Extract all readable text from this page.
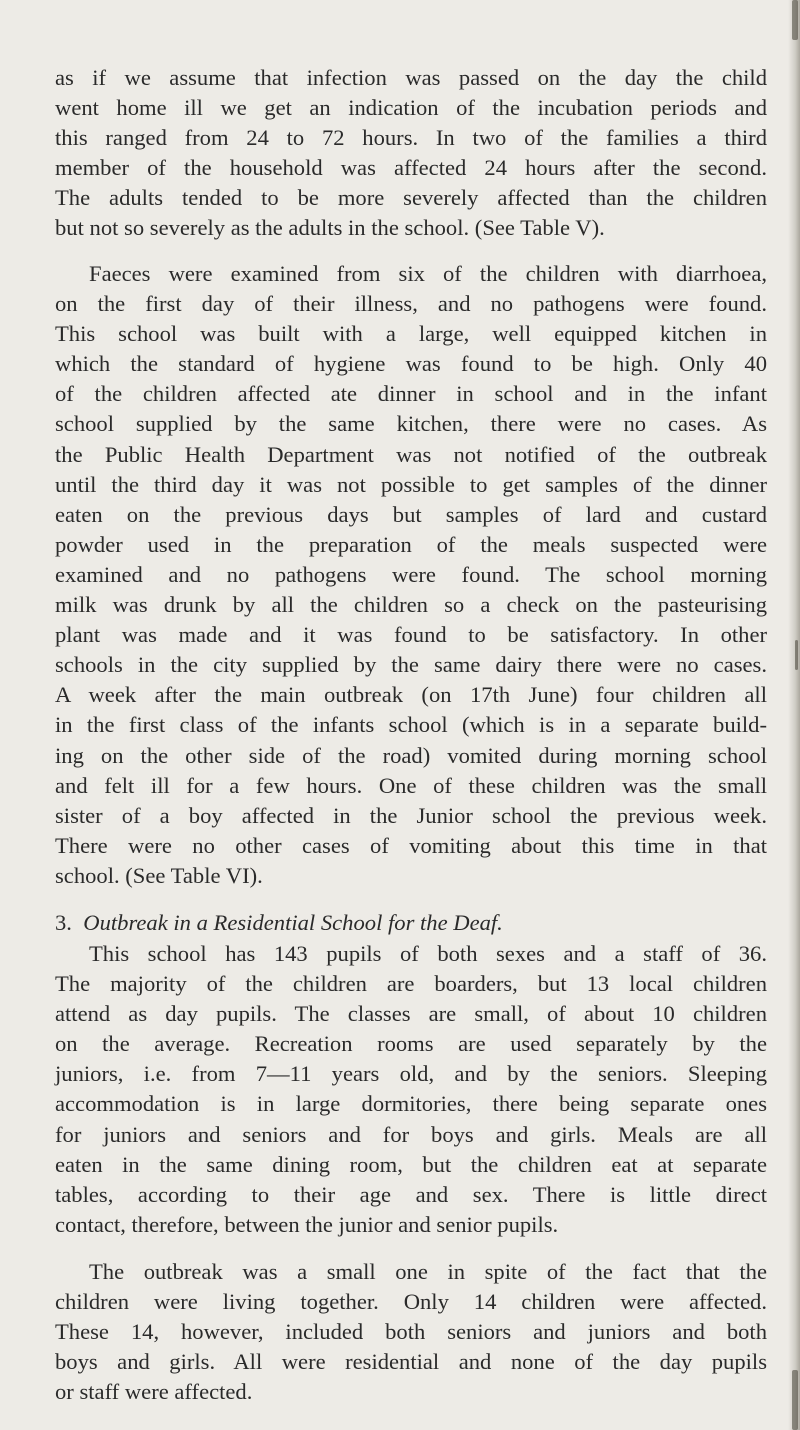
as if we assume that infection was passed on the day the child
went home ill we get an indication of the incubation periods and
this ranged from 24 to 72 hours. In two of the families a third
member of the household was affected 24 hours after the second.
The adults tended to be more severely affected than the children
but not so severely as the adults in the school. (See Table V).
Faeces were examined from six of the children with diarrhoea,
on the first day of their illness, and no pathogens were found.
This school was built with a large, well equipped kitchen in
which the standard of hygiene was found to be high. Only 40
of the children affected ate dinner in school and in the infant
school supplied by the same kitchen, there were no cases. As
the Public Health Department was not notified of the outbreak
until the third day it was not possible to get samples of the dinner
eaten on the previous days but samples of lard and custard
powder used in the preparation of the meals suspected were
examined and no pathogens were found. The school morning
milk was drunk by all the children so a check on the pasteurising
plant was made and it was found to be satisfactory. In other
schools in the city supplied by the same dairy there were no cases.
A week after the main outbreak (on 17th June) four children all
in the first class of the infants school (which is in a separate build-
ing on the other side of the road) vomited during morning school
and felt ill for a few hours. One of these children was the small
sister of a boy affected in the Junior school the previous week.
There were no other cases of vomiting about this time in that
school. (See Table VI).
3. Outbreak in a Residential School for the Deaf.
This school has 143 pupils of both sexes and a staff of 36.
The majority of the children are boarders, but 13 local children
attend as day pupils. The classes are small, of about 10 children
on the average. Recreation rooms are used separately by the
juniors, i.e. from 7—11 years old, and by the seniors. Sleeping
accommodation is in large dormitories, there being separate ones
for juniors and seniors and for boys and girls. Meals are all
eaten in the same dining room, but the children eat at separate
tables, according to their age and sex. There is little direct
contact, therefore, between the junior and senior pupils.
The outbreak was a small one in spite of the fact that the
children were living together. Only 14 children were affected.
These 14, however, included both seniors and juniors and both
boys and girls. All were residential and none of the day pupils
or staff were affected.
